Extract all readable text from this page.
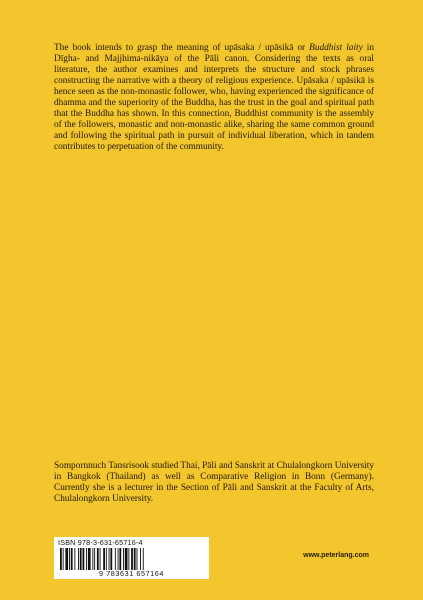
The book intends to grasp the meaning of upāsaka / upāsikā or Buddhist laity in Dīgha- and Majjhima-nikāya of the Pāli canon. Considering the texts as oral literature, the author examines and interprets the structure and stock phrases constructing the narrative with a theory of religious experience. Upāsaka / upāsikā is hence seen as the non-monastic follower, who, having experienced the significance of dhamma and the superiority of the Buddha, has the trust in the goal and spiritual path that the Buddha has shown. In this connection, Buddhist community is the assembly of the followers, monastic and non-monastic alike, sharing the same common ground and following the spiritual path in pursuit of individual liberation, which in tandem contributes to perpetuation of the community.

Sompornnuch Tansrisook studied Thai, Pāli and Sanskrit at Chulalongkorn University in Bangkok (Thailand) as well as Comparative Religion in Bonn (Germany). Currently she is a lecturer in the Section of Pāli and Sanskrit at the Faculty of Arts, Chulalongkorn University.

ISBN 978-3-631-65716-4
9 783631 657164
www.peterlang.com
